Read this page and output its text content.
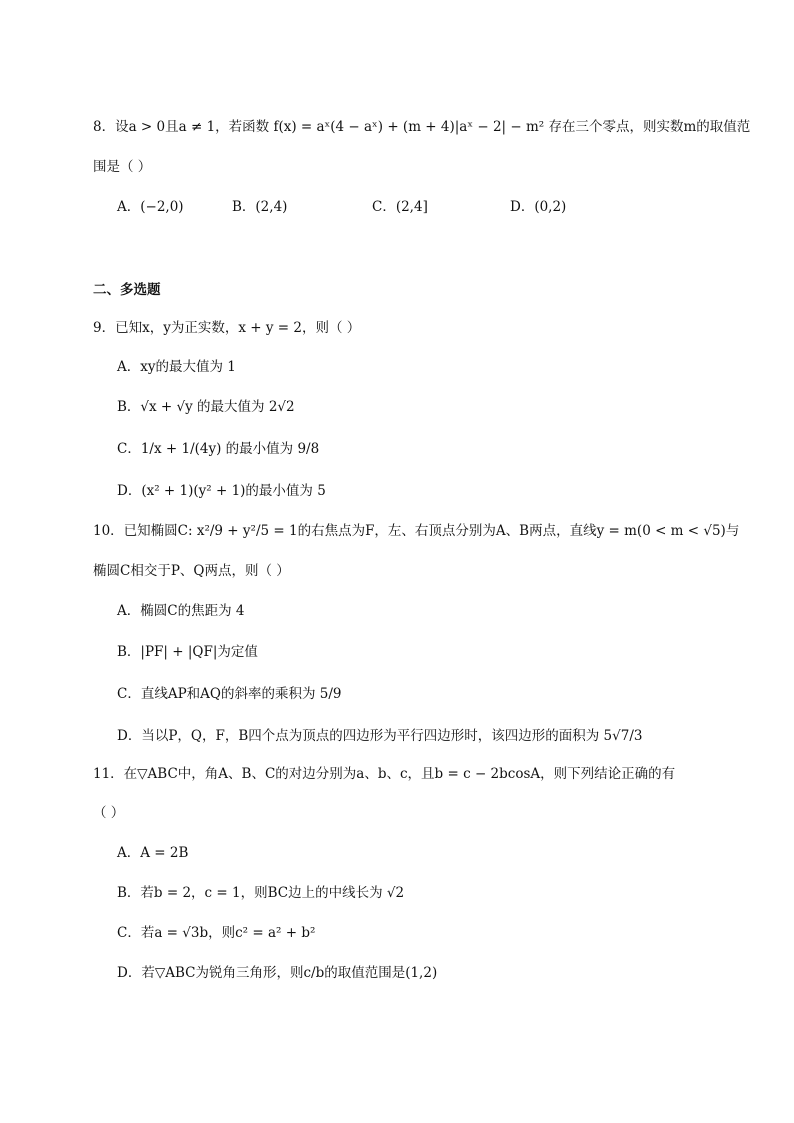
8．设a > 0且a ≠ 1，若函数 f(x) = aˣ(4 − aˣ) + (m + 4)|aˣ − 2| − m² 存在三个零点，则实数m的取值范
围是（ ）
A．(−2,0)	B．(2,4)	C．(2,4]	D．(0,2)
二、多选题
9．已知x，y为正实数，x + y = 2，则（ ）
A．xy的最大值为 1
B．√x + √y 的最大值为 2√2
C．1/x + 1/(4y) 的最小值为 9/8
D．(x² + 1)(y² + 1)的最小值为 5
10．已知椭圆C: x²/9 + y²/5 = 1的右焦点为F，左、右顶点分别为A、B两点，直线y = m(0 < m < √5)与
椭圆C相交于P、Q两点，则（ ）
A．椭圆C的焦距为 4
B．|PF| + |QF|为定值
C．直线AP和AQ的斜率的乘积为 5/9
D．当以P，Q，F，B四个点为顶点的四边形为平行四边形时，该四边形的面积为 5√7/3
11．在▽ABC中，角A、B、C的对边分别为a、b、c，且b = c − 2bcosA，则下列结论正确的有
（ ）
A．A = 2B
B．若b = 2，c = 1，则BC边上的中线长为 √2
C．若a = √3b，则c² = a² + b²
D．若▽ABC为锐角三角形，则c/b的取值范围是(1,2)
